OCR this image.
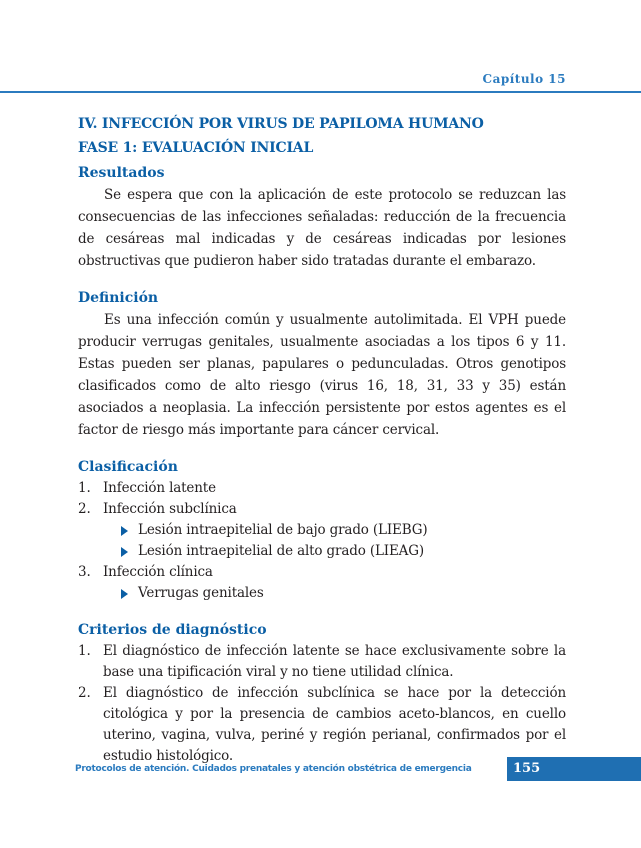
Capítulo 15
IV. INFECCIÓN POR VIRUS DE PAPILOMA HUMANO
FASE 1: EVALUACIÓN INICIAL
Resultados

Se espera que con la aplicación de este protocolo se reduzcan las consecuencias de las infecciones señaladas: reducción de la frecuencia de cesáreas mal indicadas y de cesáreas indicadas por lesiones obstructivas que pudieron haber sido tratadas durante el embarazo.

Definición

Es una infección común y usualmente autolimitada. El VPH puede producir verrugas genitales, usualmente asociadas a los tipos 6 y 11. Estas pueden ser planas, papulares o pedunculadas. Otros genotipos clasificados como de alto riesgo (virus 16, 18, 31, 33 y 35) están asociados a neoplasia. La infección persistente por estos agentes es el factor de riesgo más importante para cáncer cervical.

Clasificación
1. Infección latente
2. Infección subclínica
Lesión intraepitelial de bajo grado (LIEBG)
Lesión intraepitelial de alto grado (LIEAG)
3. Infección clínica
Verrugas genitales
Criterios de diagnóstico
1. El diagnóstico de infección latente se hace exclusivamente sobre la base una tipificación viral y no tiene utilidad clínica.
2. El diagnóstico de infección subclínica se hace por la detección citológica y por la presencia de cambios aceto-blancos, en cuello uterino, vagina, vulva, periné y región perianal, confirmados por el estudio histológico.
Protocolos de atención. Cuidados prenatales y atención obstétrica de emergencia	155
